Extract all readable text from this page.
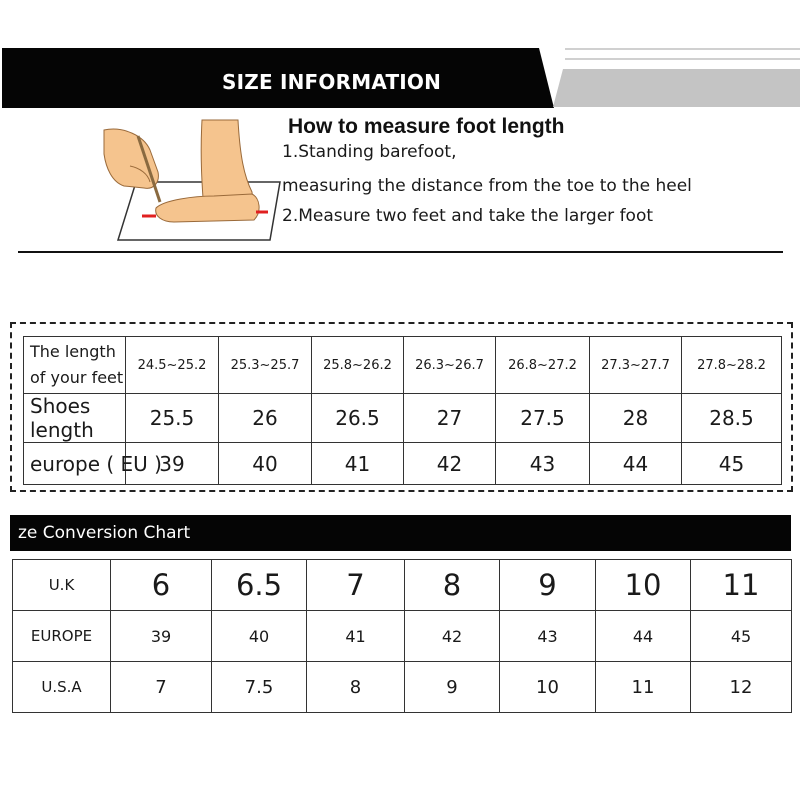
SIZE INFORMATION
How to measure foot length
1.Standing barefoot,
measuring the distance from the toe to the heel
2.Measure two feet and take the larger foot
The length of your feet	24.5~25.2	25.3~25.7	25.8~26.2	26.3~26.7	26.8~27.2	27.3~27.7	27.8~28.2
Shoes length	25.5	26	26.5	27	27.5	28	28.5
europe ( EU )	39	40	41	42	43	44	45
ze Conversion Chart
U.K	6	6.5	7	8	9	10	11
EUROPE	39	40	41	42	43	44	45
U.S.A	7	7.5	8	9	10	11	12
